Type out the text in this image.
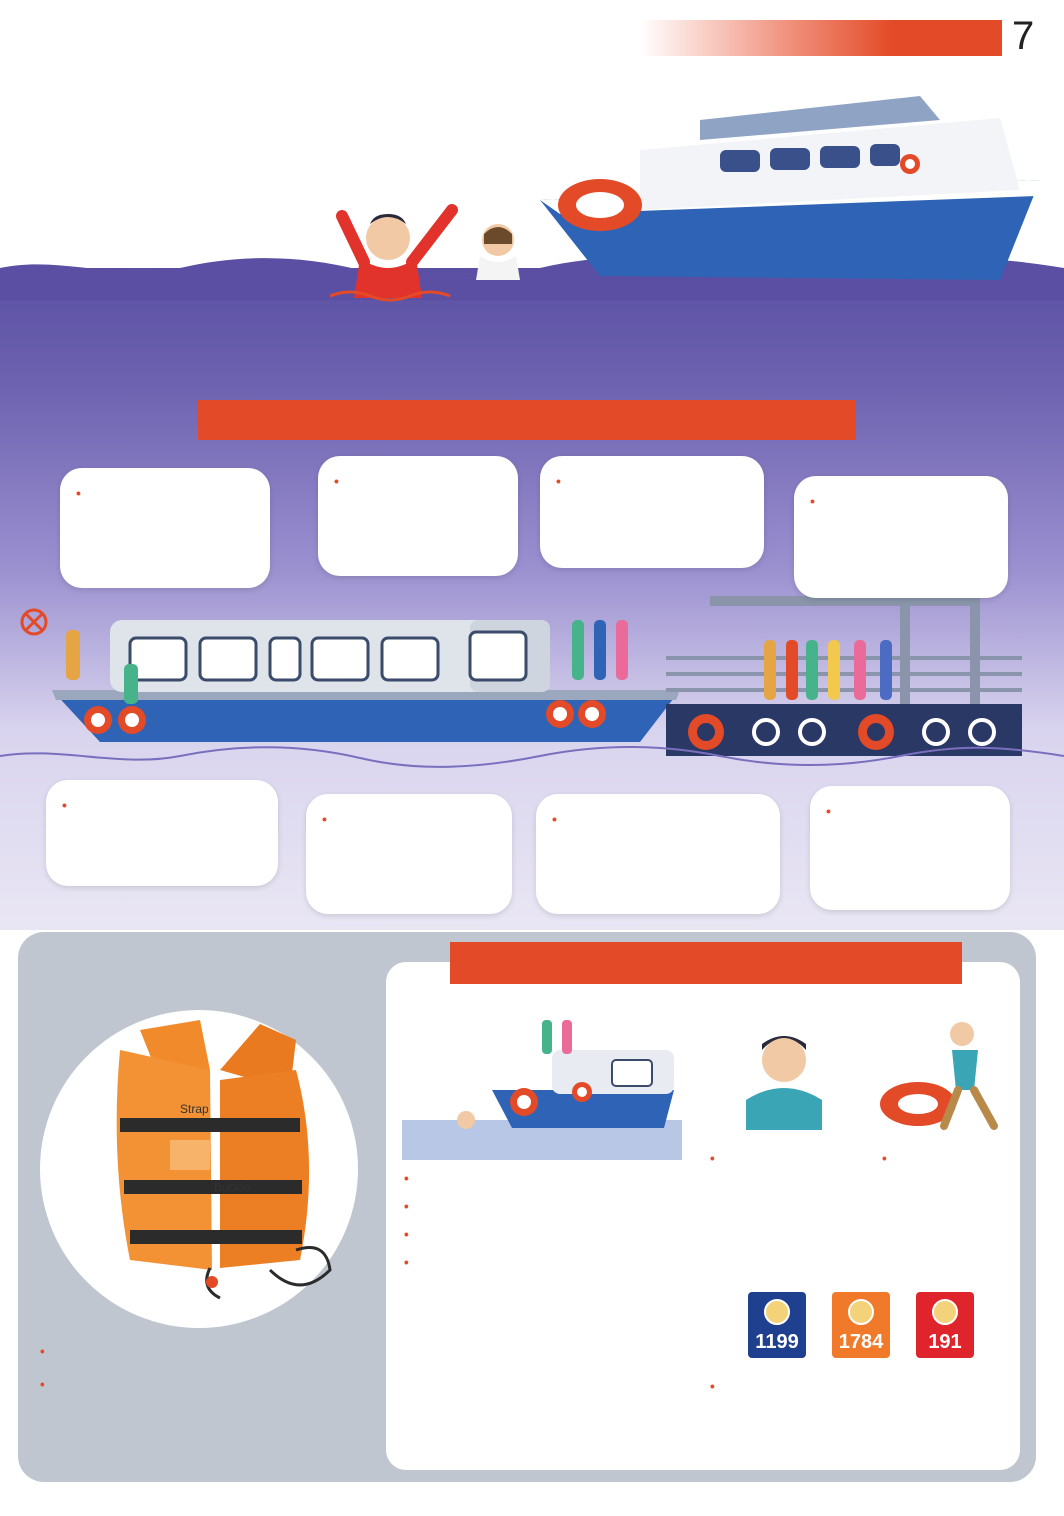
7
•
•	•
•
•
•	•	•
Strap
Buckle
•

•

•
•
•
•
•	•
1199 1784 191
•
